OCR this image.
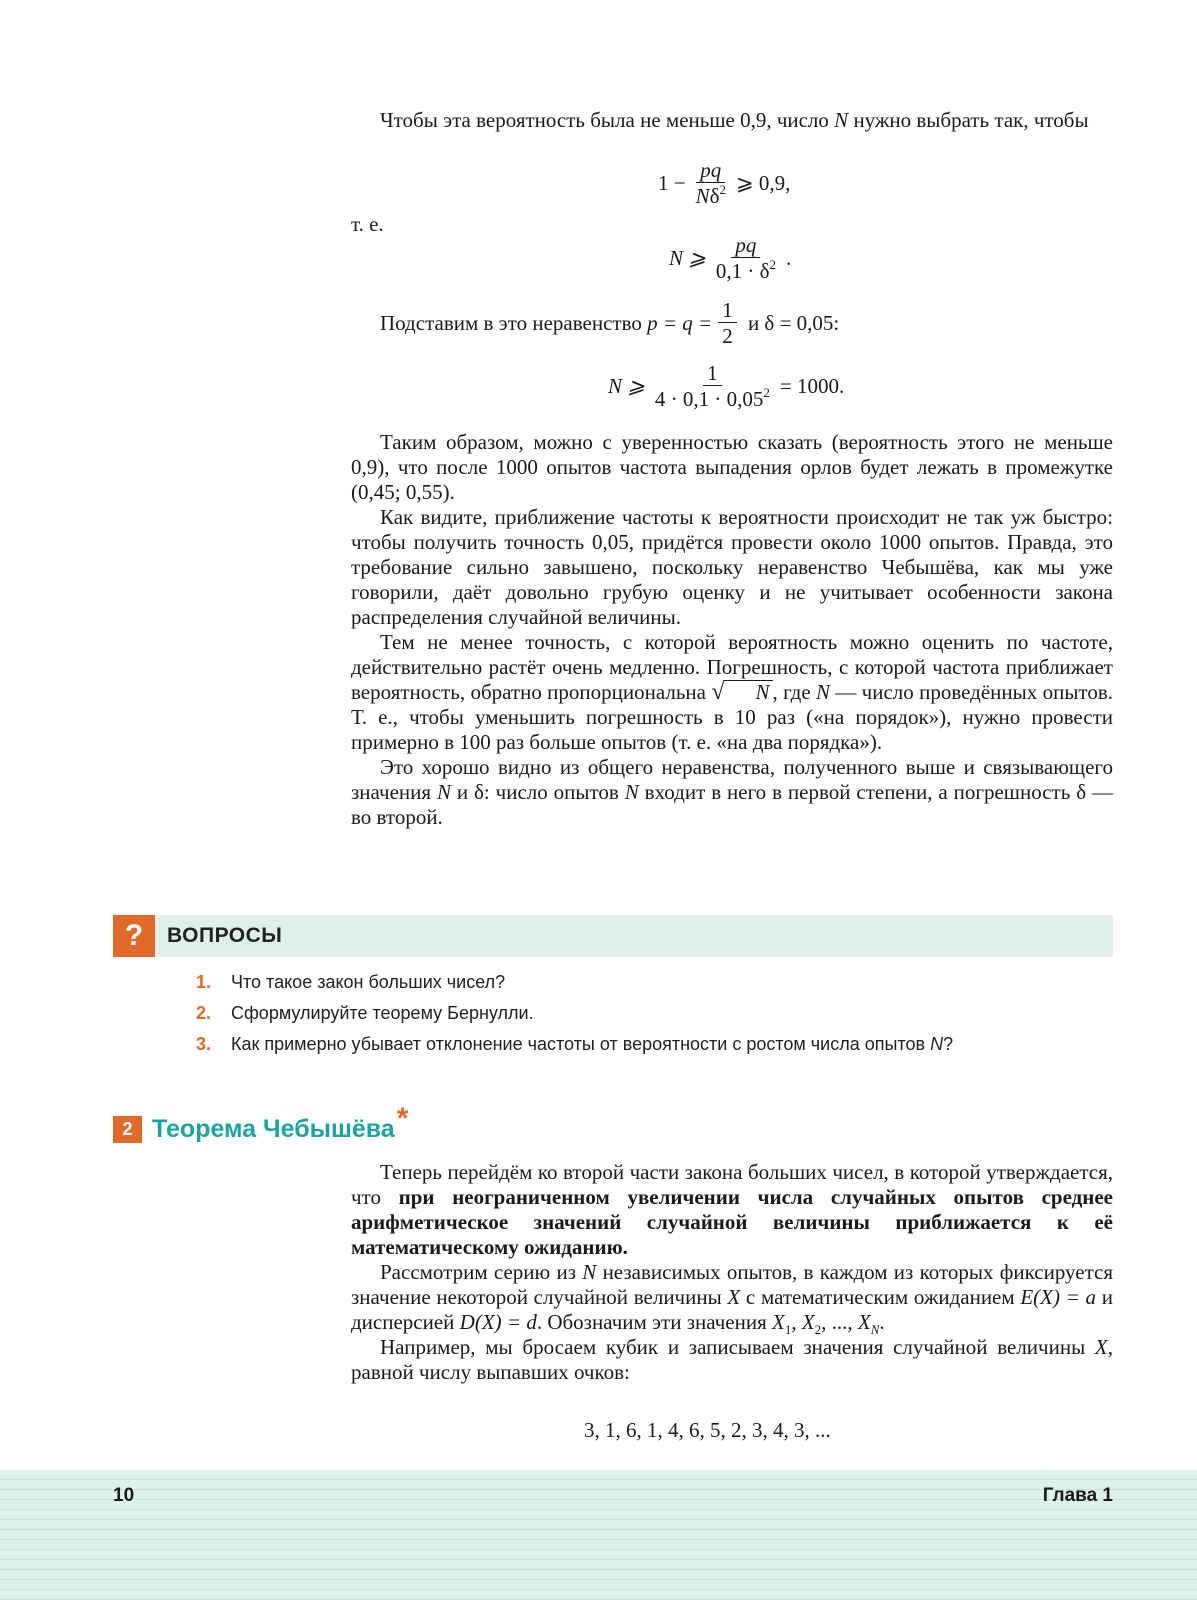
Чтобы эта вероятность была не меньше 0,9, число N нужно выбрать так, чтобы

$1 - \frac{pq}{N\delta^2}$ ⩾ 0,9,

т. е.

N ⩾ $\frac{pq}{0,1 \cdot \delta^2}$ .
Подставим в это неравенство $p = q = \frac{1}{2}$ и δ = 0,05:
N ⩾ $\frac{1}{4 \cdot 0,1 \cdot 0,05^2} = 1000$.

Таким образом, можно с уверенностью сказать (вероятность этого не меньше 0,9), что после 1000 опытов частота выпадения орлов будет лежать в промежутке (0,45; 0,55).

Как видите, приближение частоты к вероятности происходит не так уж быстро: чтобы получить точность 0,05, придётся провести около 1000 опытов. Правда, это требование сильно завышено, поскольку неравенство Чебышёва, как мы уже говорили, даёт довольно грубую оценку и не учитывает особенности закона распределения случайной величины.

Тем не менее точность, с которой вероятность можно оценить по частоте, действительно растёт очень медленно. Погрешность, с которой частота приближает вероятность, обратно пропорциональна √ N , где N — число проведённых опытов. Т. е., чтобы уменьшить погрешность в 10 раз («на порядок»), нужно провести примерно в 100 раз больше опытов (т. е. «на два порядка»).

Это хорошо видно из общего неравенства, полученного выше и связывающего значения N и δ: число опытов N входит в него в первой степени, а погрешность δ — во второй.

?	ВОПРОСЫ
1.	Что такое закон больших чисел?
2.	Сформулируйте теорему Бернулли.
3.	Как примерно убывает отклонение частоты от вероятности с ростом числа опытов N?
2 Теорема Чебышёва *

Теперь перейдём ко второй части закона больших чисел, в которой утверждается, что при неограниченном увеличении числа случайных опытов среднее арифметическое значений случайной величины приближается к её математическому ожиданию.

Рассмотрим серию из N независимых опытов, в каждом из которых фиксируется значение некоторой случайной величины X с математическим ожиданием E(X) = a и дисперсией D(X) = d. Обозначим эти значения $X_1$, $X_2$, ..., $X_N$.

Например, мы бросаем кубик и записываем значения случайной величины X, равной числу выпавших очков:

3, 1, 6, 1, 4, 6, 5, 2, 3, 4, 3, ...
10	Глава 1
